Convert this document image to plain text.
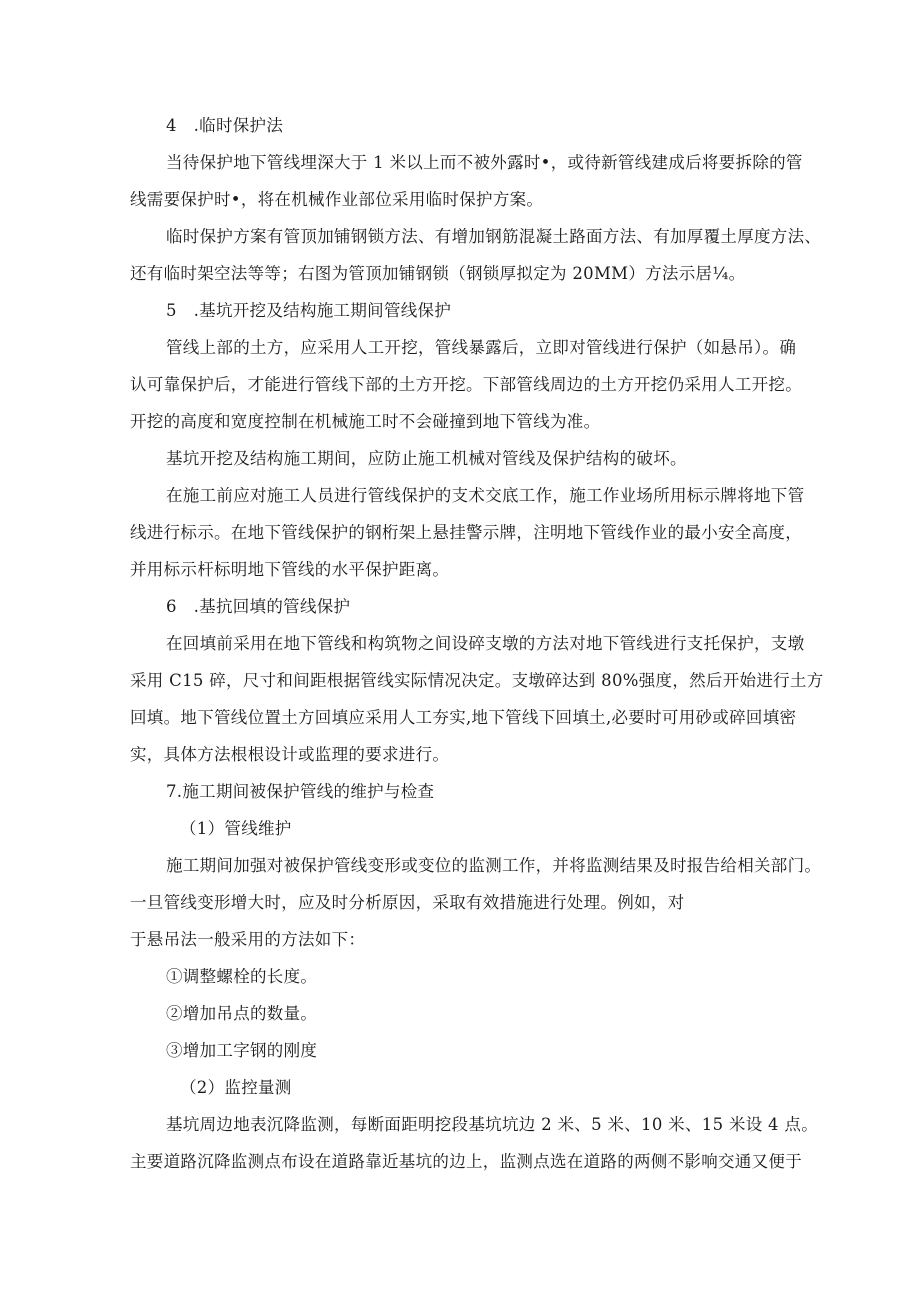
4　.临时保护法
当待保护地下管线埋深大于 1 米以上而不被外露时•，或待新管线建成后将要拆除的管
线需要保护时•，将在机械作业部位采用临时保护方案。
临时保护方案有管顶加铺钢锁方法、有增加钢筋混凝土路面方法、有加厚覆土厚度方法、
还有临时架空法等等；右图为管顶加铺钢锁（钢锁厚拟定为 20MM）方法示居¼。
5　.基坑开挖及结构施工期间管线保护
管线上部的土方，应采用人工开挖，管线暴露后，立即对管线进行保护（如悬吊）。确
认可靠保护后，才能进行管线下部的土方开挖。下部管线周边的土方开挖仍采用人工开挖。
开挖的高度和宽度控制在机械施工时不会碰撞到地下管线为准。
基坑开挖及结构施工期间，应防止施工机械对管线及保护结构的破坏。
在施工前应对施工人员进行管线保护的支术交底工作，施工作业场所用标示牌将地下管
线进行标示。在地下管线保护的钢桁架上悬挂警示牌，注明地下管线作业的最小安全高度，
并用标示杆标明地下管线的水平保护距离。
6　.基抗回填的管线保护
在回填前采用在地下管线和构筑物之间设碎支墩的方法对地下管线进行支托保护，支墩
采用 C15 碎，尺寸和间距根据管线实际情况决定。支墩碎达到 80%强度，然后开始进行土方
回填。地下管线位置土方回填应采用人工夯实,地下管线下回填土,必要时可用砂或碎回填密
实，具体方法根根设计或监理的要求进行。
7.施工期间被保护管线的维护与检查
（1）管线维护
施工期间加强对被保护管线变形或变位的监测工作，并将监测结果及时报告给相关部门。
一旦管线变形增大时，应及时分析原因，采取有效措施进行处理。例如，对
于悬吊法一般采用的方法如下：
①调整螺栓的长度。
②增加吊点的数量。
③增加工字钢的刚度
（2）监控量测
基坑周边地表沉降监测，每断面距明挖段基坑坑边 2 米、5 米、10 米、15 米设 4 点。
主要道路沉降监测点布设在道路靠近基坑的边上，监测点选在道路的两侧不影响交通又便于
